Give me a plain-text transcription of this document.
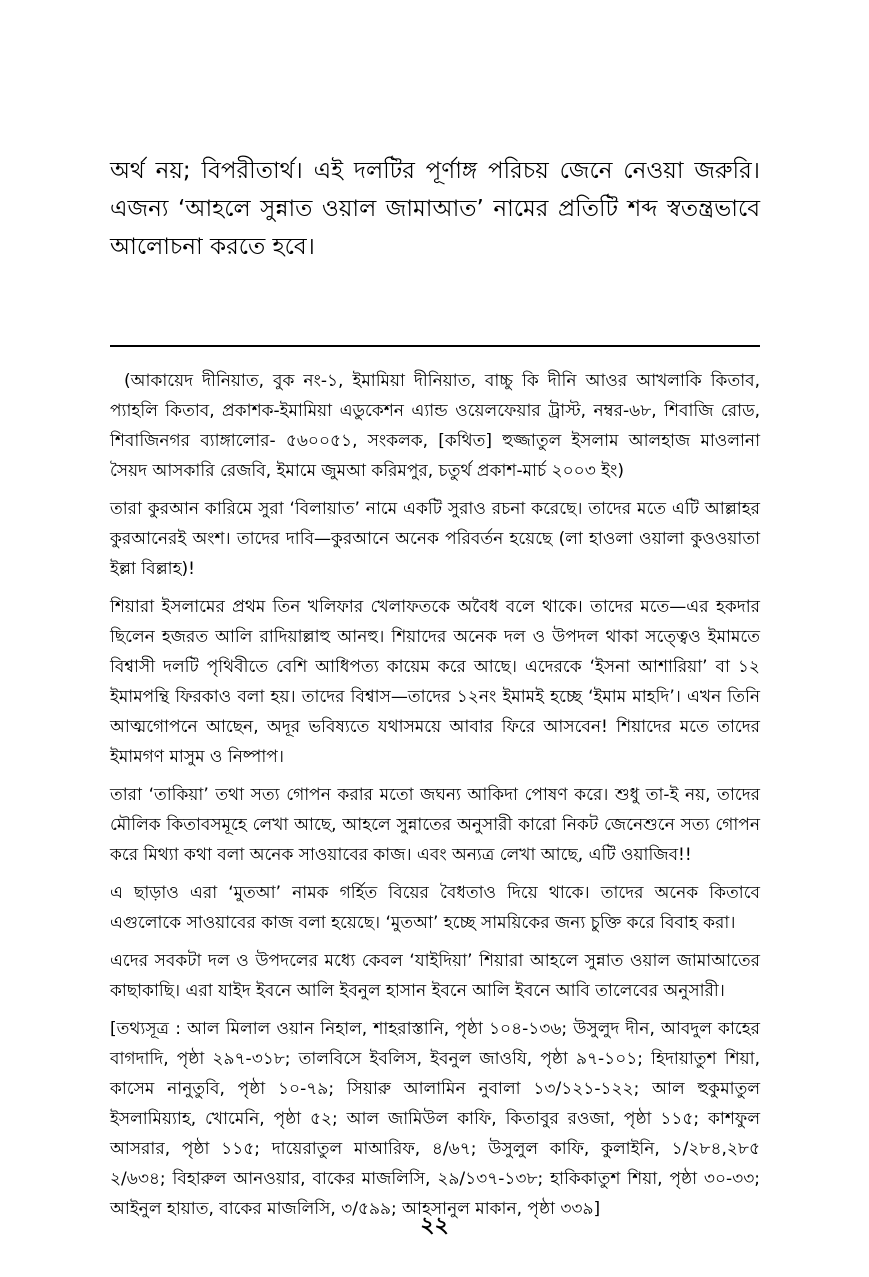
অর্থ নয়; বিপরীতার্থ। এই দলটির পূর্ণাঙ্গ পরিচয় জেনে নেওয়া জরুরি। এজন্য ‘আহলে সুন্নাত ওয়াল জামাআত’ নামের প্রতিটি শব্দ স্বতন্ত্রভাবে আলোচনা করতে হবে।

(আকায়েদ দীনিয়াত, বুক নং-১, ইমামিয়া দীনিয়াত, বাচ্চু কি দীনি আওর আখলাকি কিতাব, প্যাহলি কিতাব, প্রকাশক-ইমামিয়া এডুকেশন এ্যান্ড ওয়েলফেয়ার ট্রাস্ট, নম্বর-৬৮, শিবাজি রোড, শিবাজিনগর ব্যাঙ্গালোর- ৫৬০০৫১, সংকলক, [কথিত] হুজ্জাতুল ইসলাম আলহাজ মাওলানা সৈয়দ আসকারি রেজবি, ইমামে জুমআ করিমপুর, চতুর্থ প্রকাশ-মার্চ ২০০৩ ইং)

তারা কুরআন কারিমে সুরা ‘বিলায়াত’ নামে একটি সুরাও রচনা করেছে। তাদের মতে এটি আল্লাহর কুরআনেরই অংশ। তাদের দাবি—কুরআনে অনেক পরিবর্তন হয়েছে (লা হাওলা ওয়ালা কুওওয়াতা ইল্লা বিল্লাহ)!

শিয়ারা ইসলামের প্রথম তিন খলিফার খেলাফতকে অবৈধ বলে থাকে। তাদের মতে—এর হকদার ছিলেন হজরত আলি রাদিয়াল্লাহু আনহু। শিয়াদের অনেক দল ও উপদল থাকা সত্ত্বেও ইমামতে বিশ্বাসী দলটি পৃথিবীতে বেশি আধিপত্য কায়েম করে আছে। এদেরকে ‘ইসনা আশারিয়া’ বা ১২ ইমামপন্থি ফিরকাও বলা হয়। তাদের বিশ্বাস—তাদের ১২নং ইমামই হচ্ছে ‘ইমাম মাহদি’। এখন তিনি আত্মগোপনে আছেন, অদূর ভবিষ্যতে যথাসময়ে আবার ফিরে আসবেন! শিয়াদের মতে তাদের ইমামগণ মাসুম ও নিষ্পাপ।

তারা ‘তাকিয়া’ তথা সত্য গোপন করার মতো জঘন্য আকিদা পোষণ করে। শুধু তা-ই নয়, তাদের মৌলিক কিতাবসমূহে লেখা আছে, আহলে সুন্নাতের অনুসারী কারো নিকট জেনেশুনে সত্য গোপন করে মিথ্যা কথা বলা অনেক সাওয়াবের কাজ। এবং অন্যত্র লেখা আছে, এটি ওয়াজিব!!

এ ছাড়াও এরা ‘মুতআ’ নামক গর্হিত বিয়ের বৈধতাও দিয়ে থাকে। তাদের অনেক কিতাবে এগুলোকে সাওয়াবের কাজ বলা হয়েছে। ‘মুতআ’ হচ্ছে সাময়িকের জন্য চুক্তি করে বিবাহ করা।

এদের সবকটা দল ও উপদলের মধ্যে কেবল ‘যাইদিয়া’ শিয়ারা আহলে সুন্নাত ওয়াল জামাআতের কাছাকাছি। এরা যাইদ ইবনে আলি ইবনুল হাসান ইবনে আলি ইবনে আবি তালেবের অনুসারী।

[তথ্যসূত্র : আল মিলাল ওয়ান নিহাল, শাহরাস্তানি, পৃষ্ঠা ১০৪-১৩৬; উসুলুদ দীন, আবদুল কাহের বাগদাদি, পৃষ্ঠা ২৯৭-৩১৮; তালবিসে ইবলিস, ইবনুল জাওযি, পৃষ্ঠা ৯৭-১০১; হিদায়াতুশ শিয়া, কাসেম নানুতুবি, পৃষ্ঠা ১০-৭৯; সিয়ারু আলামিন নুবালা ১৩/১২১-১২২; আল হুকুমাতুল ইসলামিয়্যাহ, খোমেনি, পৃষ্ঠা ৫২; আল জামিউল কাফি, কিতাবুর রওজা, পৃষ্ঠা ১১৫; কাশফুল আসরার, পৃষ্ঠা ১১৫; দায়েরাতুল মাআরিফ, ৪/৬৭; উসুলুল কাফি, কুলাইনি, ১/২৮৪,২৮৫ ২/৬৩৪; বিহারুল আনওয়ার, বাকের মাজলিসি, ২৯/১৩৭-১৩৮; হাকিকাতুশ শিয়া, পৃষ্ঠা ৩০-৩৩; আইনুল হায়াত, বাকের মাজলিসি, ৩/৫৯৯; আহসানুল মাকান, পৃষ্ঠা ৩৩৯]

২২
